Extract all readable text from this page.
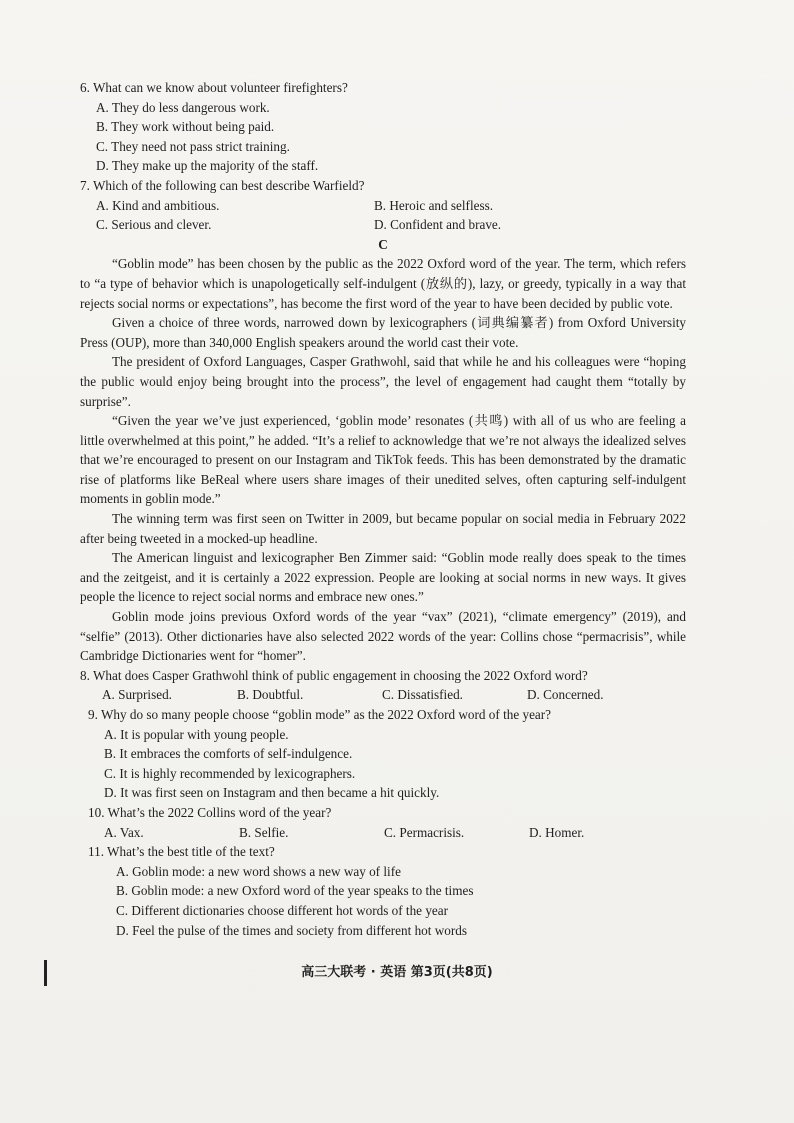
6. What can we know about volunteer firefighters?

A. They do less dangerous work.

B. They work without being paid.

C. They need not pass strict training.

D. They make up the majority of the staff.

7. Which of the following can best describe Warfield?

A. Kind and ambitious.	B. Heroic and selfless.
C. Serious and clever.	D. Confident and brave.

C

“Goblin mode” has been chosen by the public as the 2022 Oxford word of the year. The term, which refers to “a type of behavior which is unapologetically self-indulgent (放纵的), lazy, or greedy, typically in a way that rejects social norms or expectations”, has become the first word of the year to have been decided by public vote.

Given a choice of three words, narrowed down by lexicographers (词典编纂者) from Oxford University Press (OUP), more than 340,000 English speakers around the world cast their vote.

The president of Oxford Languages, Casper Grathwohl, said that while he and his colleagues were “hoping the public would enjoy being brought into the process”, the level of engagement had caught them “totally by surprise”.

“Given the year we’ve just experienced, ‘goblin mode’ resonates (共鸣) with all of us who are feeling a little overwhelmed at this point,” he added. “It’s a relief to acknowledge that we’re not always the idealized selves that we’re encouraged to present on our Instagram and TikTok feeds. This has been demonstrated by the dramatic rise of platforms like BeReal where users share images of their unedited selves, often capturing self-indulgent moments in goblin mode.”

The winning term was first seen on Twitter in 2009, but became popular on social media in February 2022 after being tweeted in a mocked-up headline.

The American linguist and lexicographer Ben Zimmer said: “Goblin mode really does speak to the times and the zeitgeist, and it is certainly a 2022 expression. People are looking at social norms in new ways. It gives people the licence to reject social norms and embrace new ones.”

Goblin mode joins previous Oxford words of the year “vax” (2021), “climate emergency” (2019), and “selfie” (2013). Other dictionaries have also selected 2022 words of the year: Collins chose “permacrisis”, while Cambridge Dictionaries went for “homer”.

8. What does Casper Grathwohl think of public engagement in choosing the 2022 Oxford word?

A. Surprised.	B. Doubtful.	C. Dissatisfied.	D. Concerned.

9. Why do so many people choose “goblin mode” as the 2022 Oxford word of the year?

A. It is popular with young people.

B. It embraces the comforts of self-indulgence.

C. It is highly recommended by lexicographers.

D. It was first seen on Instagram and then became a hit quickly.

10. What’s the 2022 Collins word of the year?

A. Vax.	B. Selfie.	C. Permacrisis.	D. Homer.

11. What’s the best title of the text?

A. Goblin mode: a new word shows a new way of life

B. Goblin mode: a new Oxford word of the year speaks to the times

C. Different dictionaries choose different hot words of the year

D. Feel the pulse of the times and society from different hot words

高三大联考 · 英语 第3页(共8页)
